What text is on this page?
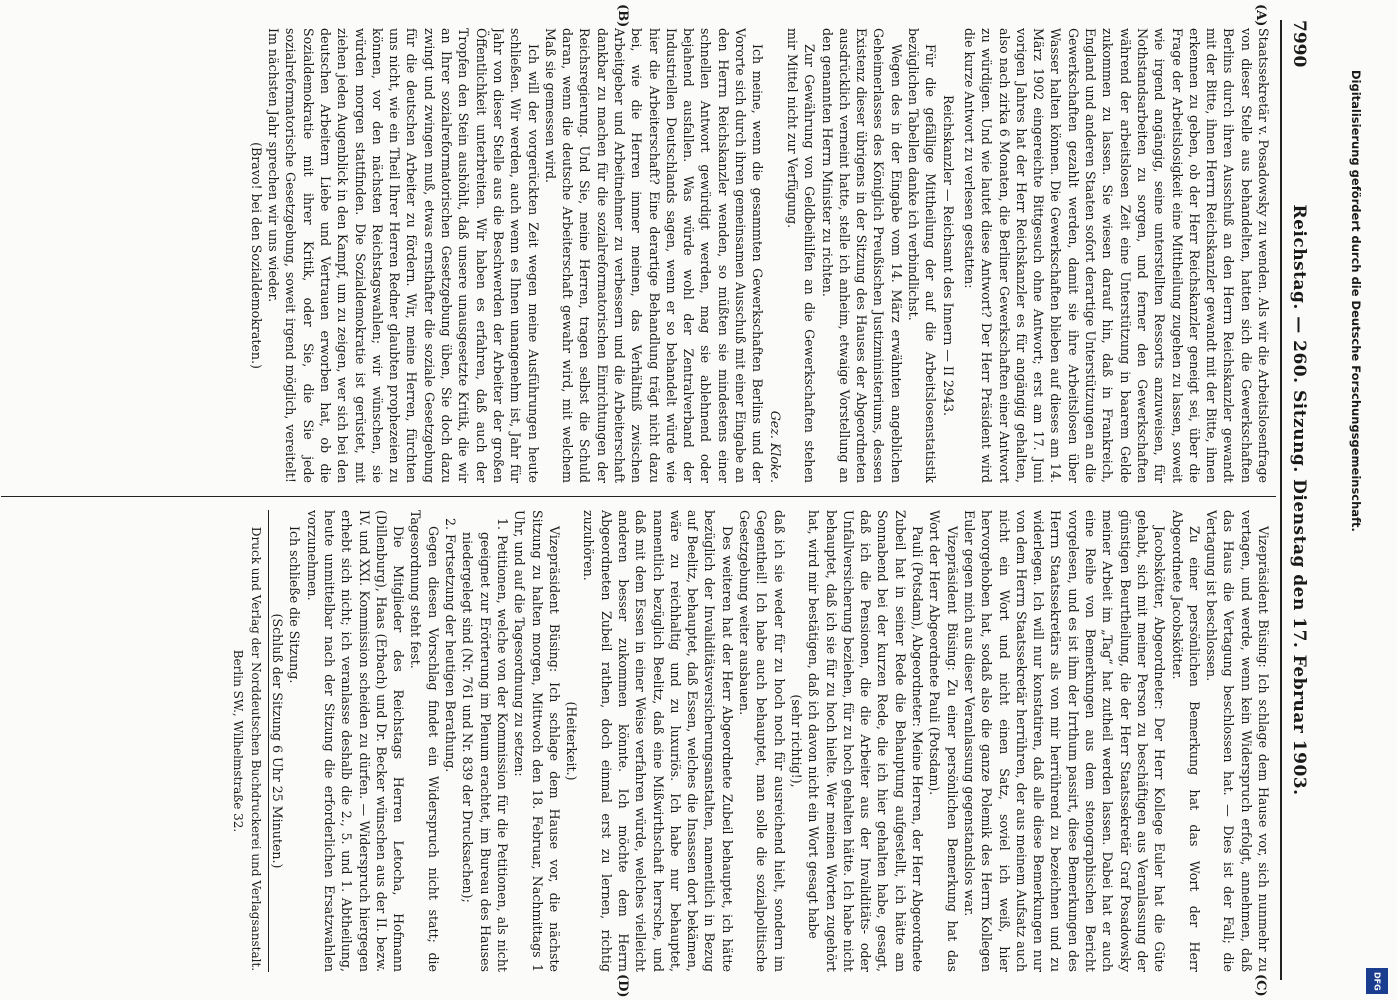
7990
Reichstag. — 260. Sitzung. Dienstag den 17. Februar 1903.
(A)
(B)
(C)
(D)

Staatssekretär v. Posadowsky zu wenden. Als wir die Arbeitslosenfrage von dieser Stelle aus behandelten, hatten sich die Gewerkschaften Berlins durch ihren Ausschuß an den Herrn Reichskanzler gewandt mit der Bitte, ihnen Herrn Reichskanzler gewandt mit der Bitte, ihnen erkennen zu geben, ob der Herr Reichskanzler geneigt sei, über die Frage der Arbeitslosigkeit eine Mittheilung zugehen zu lassen, soweit wie irgend angängig, seine unterstellten Ressorts anzuweisen, für Nothstandsarbeiten zu sorgen, und ferner den Gewerkschaften während der arbeitslosen Zeit eine Unterstützung in baarem Gelde zukommen zu lassen. Sie wiesen darauf hin, daß in Frankreich, England und anderen Staaten sofort derartige Unterstützungen an die Gewerkschaften gezahlt werden, damit sie ihre Arbeitslosen über Wasser halten können. Die Gewerkschaften blieben auf dieses am 14. März 1902 eingereichte Bittgesuch ohne Antwort; erst am 17. Juni vorigen Jahres hat der Herr Reichskanzler es für angängig gehalten, also nach zirka 6 Monaten, die Berliner Gewerkschaften einer Antwort zu würdigen. Und wie lautet diese Antwort? Der Herr Präsident wird die kurze Antwort zu verlesen gestatten:

Reichskanzler — Reichsamt des Innern — II 2943.

Für die gefällige Mittheilung der auf die Arbeitslosenstatistik bezüglichen Tabellen danke ich verbindlichst.

Wegen des in der Eingabe vom 14. März erwähnten angeblichen Geheimerlasses des Königlich Preußischen Justizministeriums, dessen Existenz dieser übrigens in der Sitzung des Hauses der Abgeordneten ausdrücklich verneint hatte, stelle ich anheim, etwaige Vorstellung an den genannten Herrn Minister zu richten.

Zur Gewährung von Geldbeihilfen an die Gewerkschaften stehen mir Mittel nicht zur Verfügung.

Gez. Kloke.

Ich meine, wenn die gesammten Gewerkschaften Berlins und der Vororte sich durch ihren gemeinsamen Ausschuß mit einer Eingabe an den Herrn Reichskanzler wenden, so müßten sie mindestens einer schnellen Antwort gewürdigt werden, mag sie ablehnend oder bejahend ausfallen. Was würde wohl der Zentralverband der Industriellen Deutschlands sagen, wenn er so behandelt würde wie hier die Arbeiterschaft? Eine derartige Behandlung trägt nicht dazu bei, wie die Herren immer meinen, das Verhältniß zwischen Arbeitgeber und Arbeitnehmer zu verbessern und die Arbeiterschaft dankbar zu machen für die sozialreformatorischen Einrichtungen der Reichsregierung. Und Sie, meine Herren, tragen selbst die Schuld daran, wenn die deutsche Arbeiterschaft gewahr wird, mit welchem Maß sie gemessen wird.

Ich will der vorgerückten Zeit wegen meine Ausführungen heute schließen. Wir werden, auch wenn es Ihnen unangenehm ist, Jahr für Jahr von dieser Stelle aus die Beschwerden der Arbeiter der großen Öffentlichkeit unterbreiten. Wir haben es erfahren, daß auch der Tropfen den Stein aushöhlt, daß unsere unausgesetzte Kritik, die wir an Ihrer sozialreformatorischen Gesetzgebung üben, Sie doch dazu zwingt und zwingen muß, etwas ernsthafter die soziale Gesetzgebung für die deutschen Arbeiter zu fördern. Wir, meine Herren, fürchten uns nicht, wie ein Theil Ihrer Herren Redner glaubten prophezeien zu können, vor den nächsten Reichstagswahlen; wir wünschen, sie würden morgen stattfinden. Die Sozialdemokratie ist gerüstet, mit ziehen jeden Augenblick in den Kampf, um zu zeigen, wer sich bei den deutschen Arbeitern Liebe und Vertrauen erworben hat, ob die Sozialdemokratie mit ihrer Kritik, oder Sie, die Sie jede sozialreformatorische Gesetzgebung, soweit irgend möglich, vereitelt! Im nächsten Jahr sprechen wir uns wieder.

(Bravo! bei den Sozialdemokraten.)

Vizepräsident Büsing: Ich schlage dem Hause vor, sich nunmehr zu vertagen, und werde, wenn kein Widerspruch erfolgt, annehmen, daß das Haus die Vertagung beschlossen hat. — Dies ist der Fall; die Vertagung ist beschlossen.

Zu einer persönlichen Bemerkung hat das Wort der Herr Abgeordnete Jacobskötter.

Jacobskötter, Abgeordneter: Der Herr Kollege Euler hat die Güte gehabt, sich mit meiner Person zu beschäftigen aus Veranlassung der günstigen Beurtheilung, die der Herr Staatssekretär Graf Posadowsky meiner Arbeit im „Tag“ hat zutheil werden lassen. Dabei hat er auch eine Reihe von Bemerkungen aus dem stenographischen Bericht vorgelesen, und es ist ihm der Irrthum passirt, diese Bemerkungen des Herrn Staatssekretärs als von mir herrührend zu bezeichnen und zu widerlegen. Ich will nur konstatiren, daß alle diese Bemerkungen nur von dem Herrn Staatssekretär herrühren, der aus meinem Aufsatz auch nicht ein Wort und nicht einen Satz, soviel ich weiß, hier hervorgehoben hat, sodaß also die ganze Polemik des Herrn Kollegen Euler gegen mich aus dieser Veranlassung gegenstandslos war.

Vizepräsident Büsing: Zu einer persönlichen Bemerkung hat das Wort der Herr Abgeordnete Pauli (Potsdam).

Pauli (Potsdam), Abgeordneter: Meine Herren, der Herr Abgeordnete Zubeil hat in seiner Rede die Behauptung aufgestellt, ich hätte am Sonnabend bei der kurzen Rede, die ich hier gehalten habe, gesagt, daß ich die Pensionen, die die Arbeiter aus der Invaliditäts- oder Unfallversicherung beziehen, für zu hoch gehalten hätte. Ich habe nicht behauptet, daß ich sie für zu hoch hielte. Wer meinen Worten zugehört hat, wird mir bestätigen, daß ich davon nicht ein Wort gesagt habe

(sehr richtig!),

daß ich sie weder für zu hoch noch für ausreichend hielt, sondern im Gegentheil! Ich habe auch behauptet, man solle die sozialpolitische Gesetzgebung weiter ausbauen.

Des weiteren hat der Herr Abgeordnete Zubeil behauptet, ich hätte bezüglich der Invaliditätsversicherungsanstalten, namentlich in Bezug auf Beelitz, behauptet, daß Essen, welches die Insassen dort bekämen, wäre zu reichhaltig und zu luxuriös. Ich habe nur behauptet, namentlich bezüglich Beelitz, daß eine Mißwirthschaft herrsche, und daß mit dem Essen in einer Weise verfahren würde, welches vielleicht anderen besser zukommen könnte. Ich möchte dem Herrn Abgeordneten Zubeil rathen, doch einmal erst zu lernen, richtig zuzuhören.

(Heiterkeit.)

Vizepräsident Büsing: Ich schlage dem Hause vor, die nächste Sitzung zu halten morgen, Mittwoch den 18. Februar, Nachmittags 1 Uhr, und auf die Tagesordnung zu setzen:

1. Petitionen, welche von der Kommission für die Petitionen, als nicht geeignet zur Erörterung im Plenum erachtet, im Bureau des Hauses niedergelegt sind (Nr. 761 und Nr. 839 der Drucksachen);

2. Fortsetzung der heutigen Berathung.

Gegen diesen Vorschlag findet ein Widerspruch nicht statt; die Tagesordnung steht fest.

Die Mitglieder des Reichstags Herren Letocha, Hofmann (Dillenburg), Haas (Erbach) und Dr. Becker wünschen aus der II. bezw. IV. und XXI. Kommission scheiden zu dürfen. — Widerspruch hiergegen erhebt sich nicht; ich veranlasse deshalb die 2., 5. und 1. Abtheilung, heute unmittelbar nach der Sitzung die erforderlichen Ersatzwahlen vorzunehmen.

Ich schließe die Sitzung.

(Schluß der Sitzung 6 Uhr 25 Minuten.)

Druck und Verlag der Norddeutschen Buchdruckerei und Verlagsanstalt. Berlin SW., Wilhelmstraße 32.

Digitalisierung gefördert durch die Deutsche Forschungsgemeinschaft.
DFG
